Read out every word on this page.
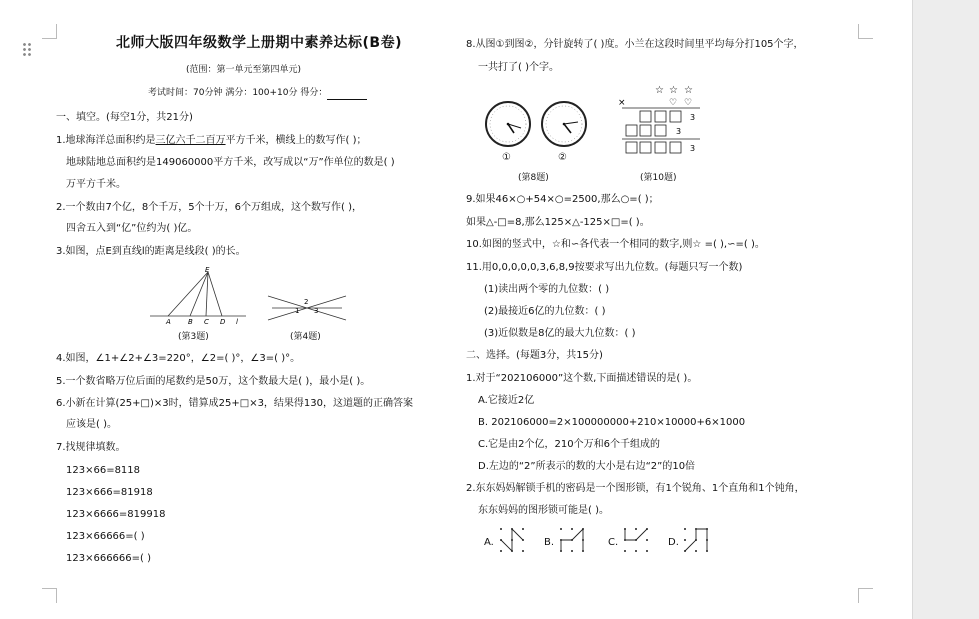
北师大版四年级数学上册期中素养达标(B卷)
(范围：第一单元至第四单元)
考试时间：70分钟 满分：100+10分 得分：
一、填空。(每空1分，共21分)
1.地球海洋总面积约是三亿六千二百万平方千米，横线上的数写作( )；
地球陆地总面积约是149060000平方千米，改写成以“万”作单位的数是( )
万平方千米。
2.一个数由7个亿，8个千万，5个十万，6个万组成，这个数写作( )，
四舍五入到“亿”位约为( )亿。
3.如图，点E到直线l的距离是线段( )的长。
E
A B C D l
(第3题)
1
2
3
(第4题)
4.如图，∠1+∠2+∠3=220°，∠2=( )°，∠3=( )°。
5.一个数省略万位后面的尾数约是50万，这个数最大是( )，最小是( )。
6.小新在计算(25+□)×3时，错算成25+□×3，结果得130，这道题的正确答案
应该是( )。
7.找规律填数。
123×66=8118
123×666=81918
123×6666=819918
123×66666=( )
123×666666=( )
8.从图①到图②，分针旋转了( )度。小兰在这段时间里平均每分打105个字，
一共打了( )个字。
①	②
(第8题)
☆ ☆ ☆
×	♡ ♡
3
3
3
(第10题)
9.如果46×○+54×○=2500,那么○=( )；
如果△-□=8,那么125×△-125×□=( )。
10.如图的竖式中，☆和∽各代表一个相同的数字,则☆ =( ),∽=( )。
11.用0,0,0,0,0,3,6,8,9按要求写出九位数。(每题只写一个数)
(1)读出两个零的九位数：( )
(2)最接近6亿的九位数：( )
(3)近似数是8亿的最大九位数：( )
二、选择。(每题3分，共15分)
1.对于“202106000”这个数,下面描述错误的是( )。
A.它接近2亿
B. 202106000=2×100000000+210×10000+6×1000
C.它是由2个亿，210个万和6个千组成的
D.左边的“2”所表示的数的大小是右边“2”的10倍
2.东东妈妈解锁手机的密码是一个图形锁，有1个锐角、1个直角和1个钝角，
东东妈妈的图形锁可能是( )。
A.	B.	C.	D.
